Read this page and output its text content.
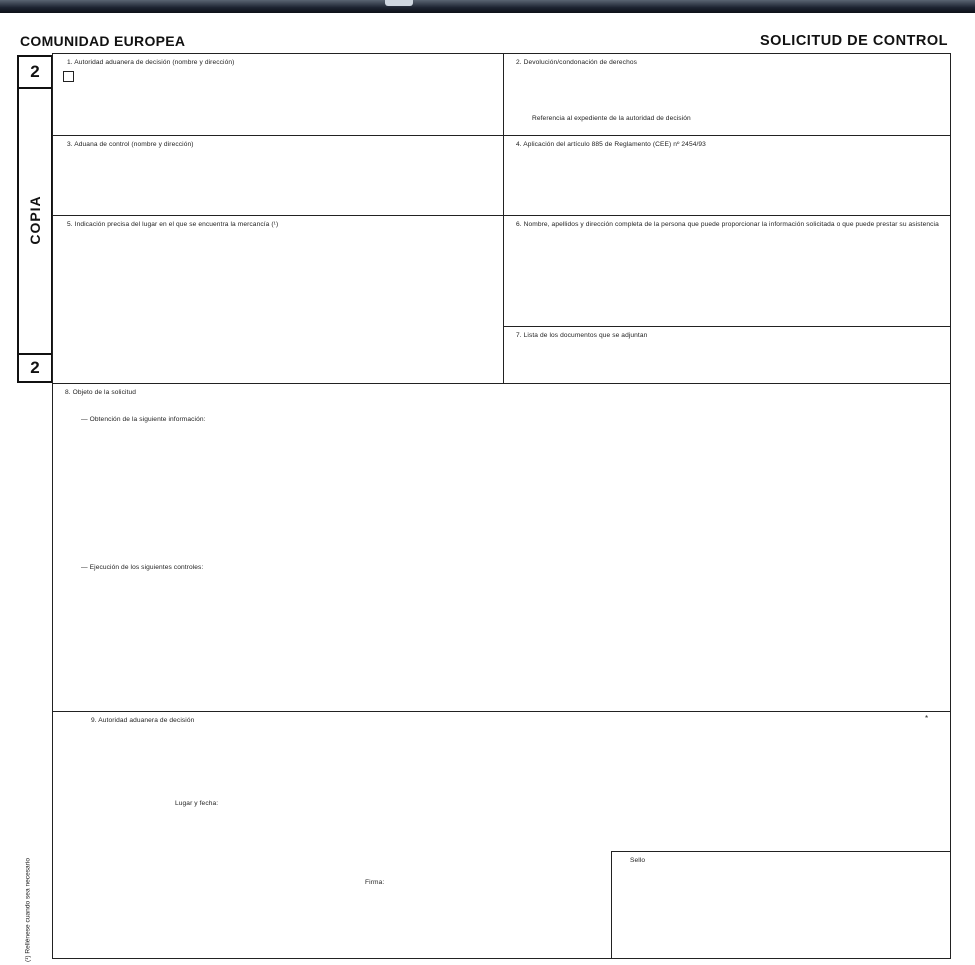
COMUNIDAD EUROPEA	SOLICITUD DE CONTROL
2
COPIA
2
1. Autoridad aduanera de decisión (nombre y dirección)	2. Devolución/condonación de derechos
Referencia al expediente de la autoridad de decisión
3. Aduana de control (nombre y dirección)	4. Aplicación del artículo 885 de Reglamento (CEE) nº 2454/93
5. Indicación precisa del lugar en el que se encuentra la mercancía (¹)	6. Nombre, apellidos y dirección completa de la persona que puede proporcionar la información solicitada o que puede prestar su asistencia
7. Lista de los documentos que se adjuntan
8. Objeto de la solicitud
— Obtención de la siguiente información:
— Ejecución de los siguientes controles:
9. Autoridad aduanera de decisión	*
Lugar y fecha:
Firma:
Sello
(¹) Rellénese cuando sea necesario
